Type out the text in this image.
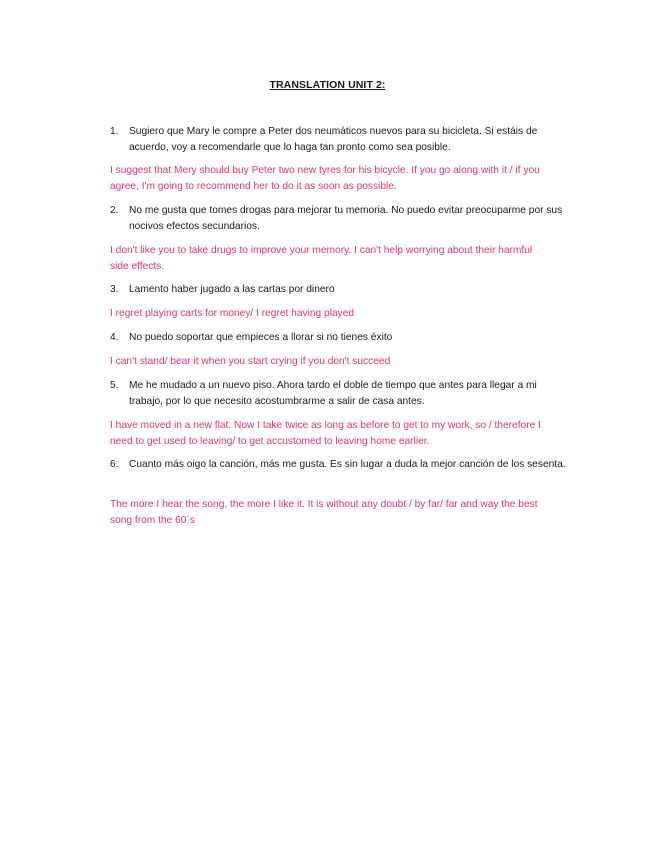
TRANSLATION UNIT 2:
1. Sugiero que Mary le compre a Peter dos neumáticos nuevos para su bicicleta. Si estáis de acuerdo, voy a recomendarle que lo haga tan pronto como sea posible.
I suggest that Mery should buy Peter two new tyres for his bicycle. If you go along with it / if you agree, I'm going to recommend her to do it as soon as possible.
2. No me gusta que tomes drogas para mejorar tu memoria. No puedo evitar preocuparme por sus nocivos efectos secundarios.
I don't like you to take drugs to improve your memory. I can't help worrying about their harmful side effects.
3. Lamento haber jugado a las cartas por dinero
I regret playing carts for money/ I regret having played
4. No puedo soportar que empieces a llorar si no tienes éxito
I can't stand/ bear it when you start crying if you don't succeed
5. Me he mudado a un nuevo piso. Ahora tardo el doble de tiempo que antes para llegar a mi trabajo, por lo que necesito acostumbrarme a salir de casa antes.
I have moved in a new flat. Now I take twice as long as before to get to my work, so / therefore I need to get used to leaving/ to get accustomed to leaving home earlier.
6. Cuanto más oigo la canción, más me gusta. Es sin lugar a duda la mejor canción de los sesenta.
The more I hear the song, the more I like it. It is without any doubt / by far/ far and way the best song from the 60´s
